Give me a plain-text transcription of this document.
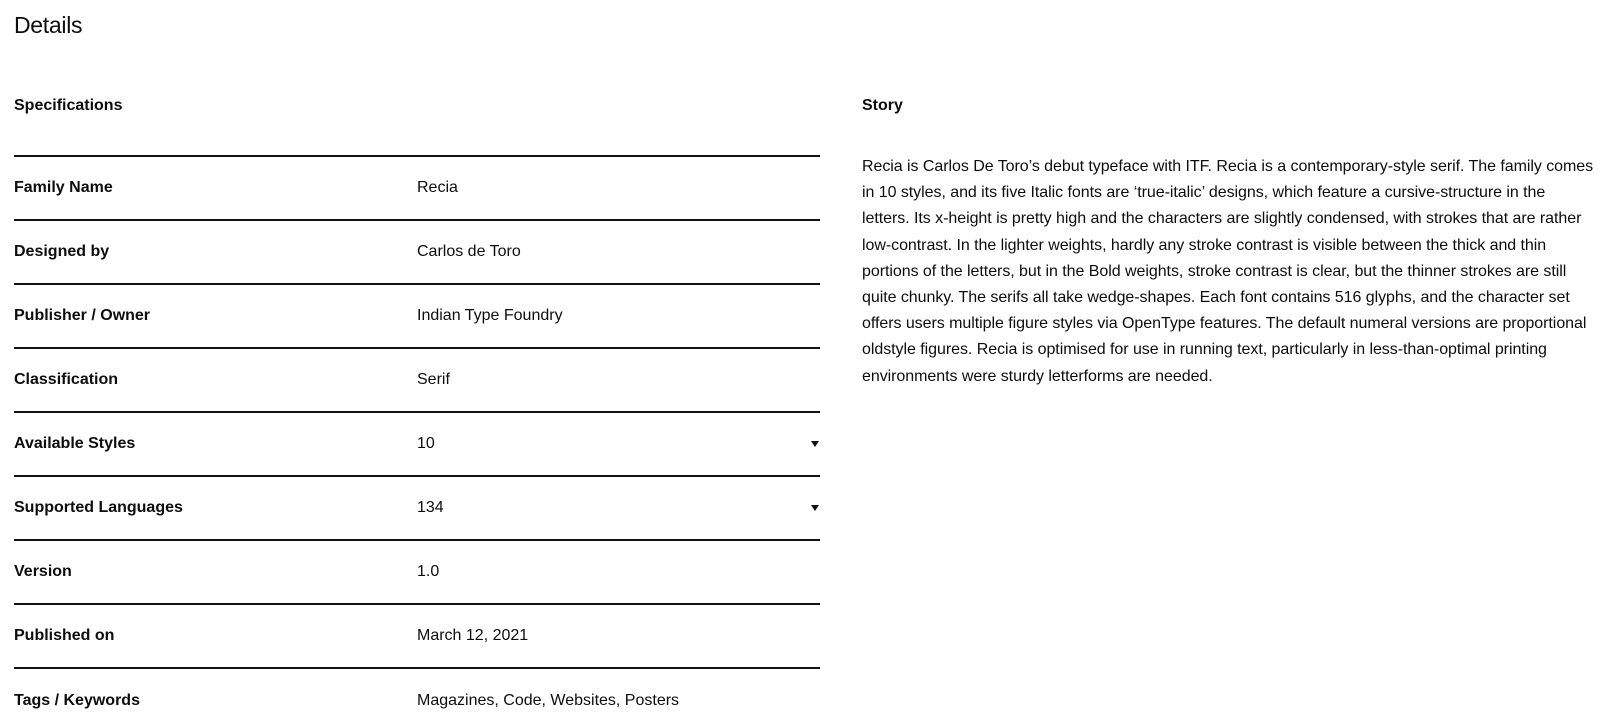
Details
Specifications
Family Name	Recia
Designed by	Carlos de Toro
Publisher / Owner	Indian Type Foundry
Classification	Serif
Available Styles	10
Supported Languages	134
Version	1.0
Published on	March 12, 2021
Tags / Keywords	Magazines, Code, Websites, Posters
Story

Recia is Carlos De Toro’s debut typeface with ITF. Recia is a contemporary-style serif. The family comes in 10 styles, and its five Italic fonts are ‘true-italic’ designs, which feature a cursive-structure in the letters. Its x-height is pretty high and the characters are slightly condensed, with strokes that are rather low-contrast. In the lighter weights, hardly any stroke contrast is visible between the thick and thin portions of the letters, but in the Bold weights, stroke contrast is clear, but the thinner strokes are still quite chunky. The serifs all take wedge-shapes. Each font contains 516 glyphs, and the character set offers users multiple figure styles via OpenType features. The default numeral versions are proportional oldstyle figures. Recia is optimised for use in running text, particularly in less-than-optimal printing environments were sturdy letterforms are needed.
